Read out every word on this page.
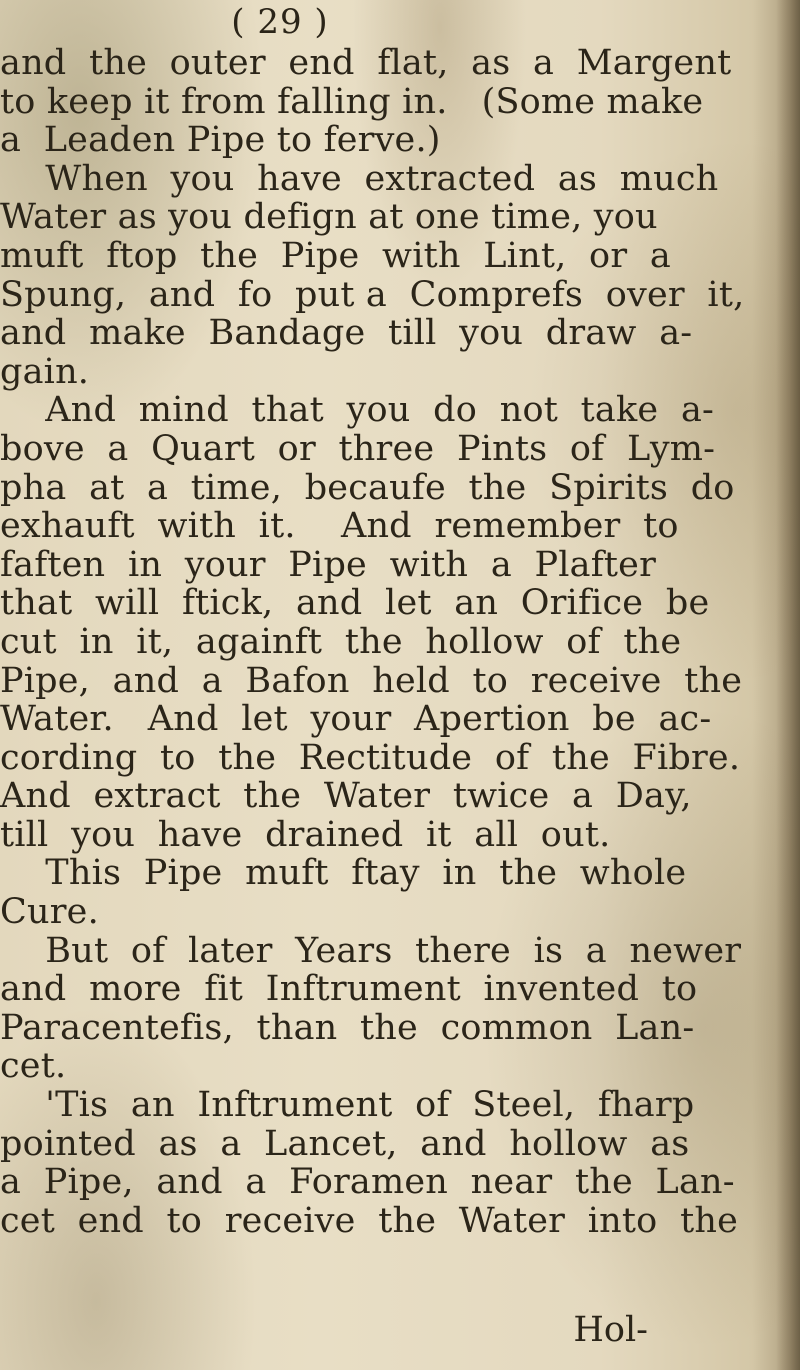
( 29 )
and  the  outer  end  flat,  as  a  Margent
to keep it from falling in.   (Some make
a  Leaden Pipe to ferve.)
When  you  have  extracted  as  much
Water as you defign at one time, you
muft  ftop  the  Pipe  with  Lint,  or  a
Spung,  and  fo  put a  Comprefs  over  it,
and  make  Bandage  till  you  draw  a-
gain.
And  mind  that  you  do  not  take  a-
bove  a  Quart  or  three  Pints  of  Lym-
pha  at  a  time,  becaufe  the  Spirits  do
exhauft  with  it.    And  remember  to
faften  in  your  Pipe  with  a  Plafter
that  will  ftick,  and  let  an  Orifice  be
cut  in  it,  againft  the  hollow  of  the
Pipe,  and  a  Bafon  held  to  receive  the
Water.   And  let  your  Apertion  be  ac-
cording  to  the  Rectitude  of  the  Fibre.
And  extract  the  Water  twice  a  Day,
till  you  have  drained  it  all  out.
This  Pipe  muft  ftay  in  the  whole
Cure.
But  of  later  Years  there  is  a  newer
and  more  fit  Inftrument  invented  to
Paracentefis,  than  the  common  Lan-
cet.
'Tis  an  Inftrument  of  Steel,  fharp
pointed  as  a  Lancet,  and  hollow  as
a  Pipe,  and  a  Foramen  near  the  Lan-
cet  end  to  receive  the  Water  into  the
Hol-
